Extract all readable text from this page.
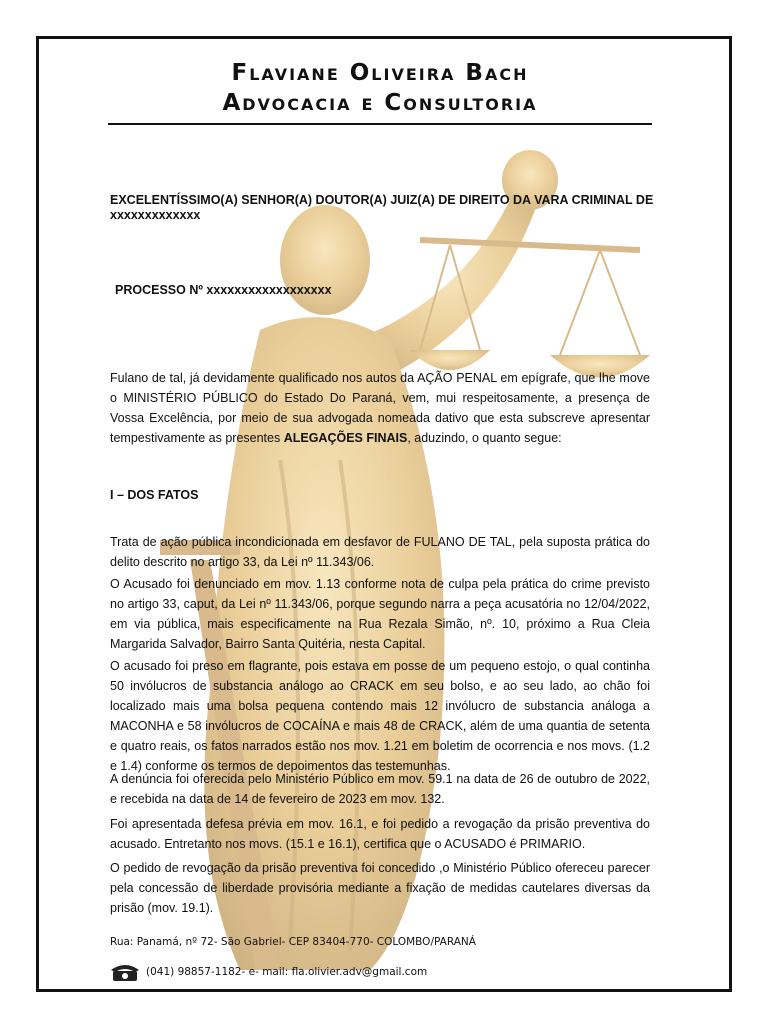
Flaviane Oliveira Bach
Advocacia e Consultoria
EXCELENTÍSSIMO(A) SENHOR(A) DOUTOR(A) JUIZ(A) DE DIREITO DA VARA CRIMINAL DE xxxxxxxxxxxxx
PROCESSO Nº xxxxxxxxxxxxxxxxxx
Fulano de tal, já devidamente qualificado nos autos da AÇÃO PENAL em epígrafe, que lhe move o MINISTÉRIO PÚBLICO do Estado Do Paraná, vem, mui respeitosamente, a presença de Vossa Excelência, por meio de sua advogada nomeada dativo que esta subscreve apresentar tempestivamente as presentes ALEGAÇÕES FINAIS, aduzindo, o quanto segue:
I – DOS FATOS
Trata de ação pública incondicionada em desfavor de FULANO DE TAL, pela suposta prática do delito descrito no artigo 33, da Lei nº 11.343/06.
O Acusado foi denunciado em mov. 1.13 conforme nota de culpa pela prática do crime previsto no artigo 33, caput, da Lei nº 11.343/06, porque segundo narra a peça acusatória no 12/04/2022, em via pública, mais especificamente na Rua Rezala Simão, nº. 10, próximo a Rua Cleia Margarida Salvador, Bairro Santa Quitéria, nesta Capital.
O acusado foi preso em flagrante, pois estava em posse de um pequeno estojo, o qual continha 50 invólucros de substancia análogo ao CRACK em seu bolso, e ao seu lado, ao chão foi localizado mais uma bolsa pequena contendo mais 12 invólucro de substancia análoga a MACONHA e 58 invólucros de COCAÍNA e mais 48 de CRACK, além de uma quantia de setenta e quatro reais, os fatos narrados estão nos mov. 1.21 em boletim de ocorrencia e nos movs. (1.2 e 1.4) conforme os termos de depoimentos das testemunhas.
A denúncia foi oferecida pelo Ministério Público em mov. 59.1 na data de 26 de outubro de 2022, e recebida na data de 14 de fevereiro de 2023 em mov. 132.
Foi apresentada defesa prévia em mov. 16.1, e foi pedido a revogação da prisão preventiva do acusado. Entretanto nos movs. (15.1 e 16.1), certifica que o ACUSADO é PRIMARIO.
O pedido de revogação da prisão preventiva foi concedido ,o Ministério Público ofereceu parecer pela concessão de liberdade provisória mediante a fixação de medidas cautelares diversas da prisão (mov. 19.1).
Rua: Panamá, nº 72- São Gabriel- CEP 83404-770- COLOMBO/PARANÁ
(041) 98857-1182- e- mail: fla.olivier.adv@gmail.com
